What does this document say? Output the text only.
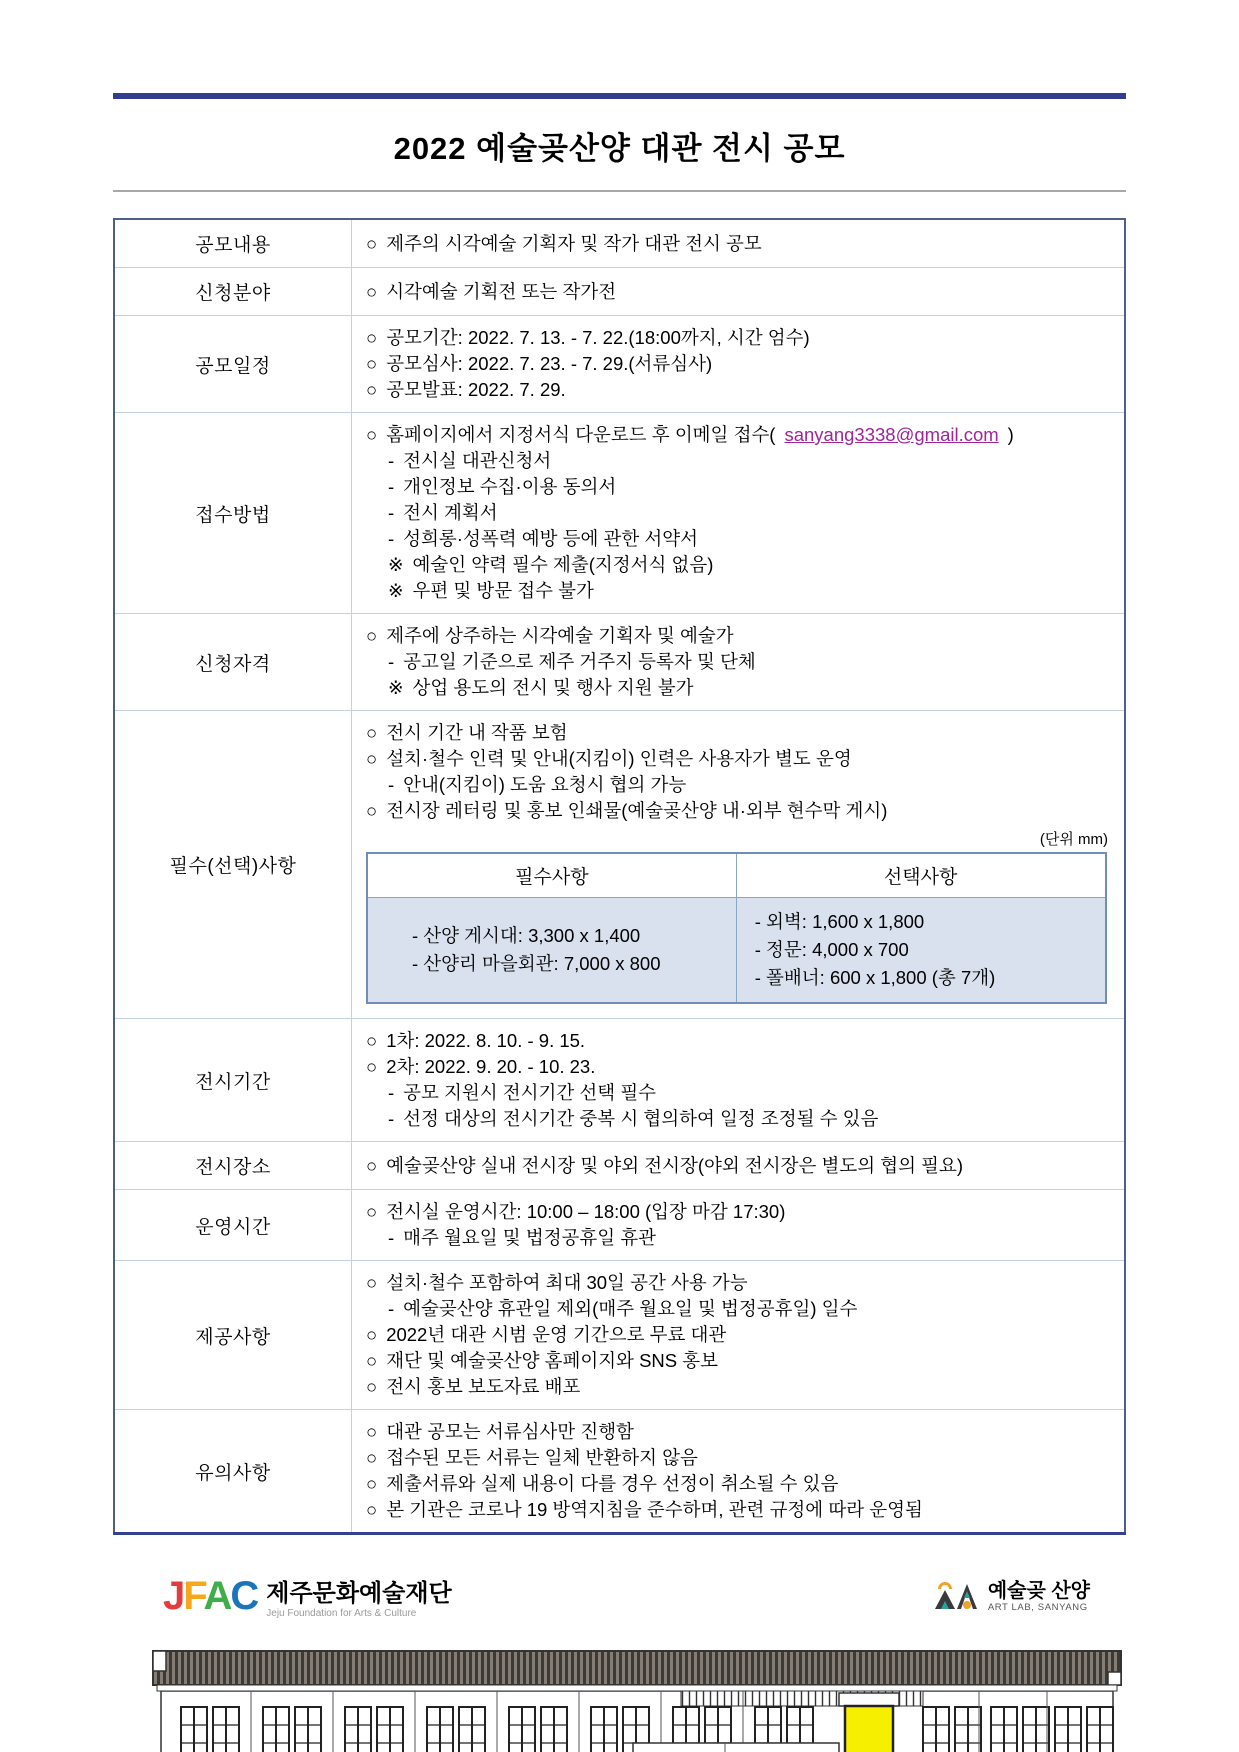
2022 예술곶산양 대관 전시 공모
공모내용	○ 제주의 시각예술 기획자 및 작가 대관 전시 공모

신청분야	○ 시각예술 기획전 또는 작가전

공모일정	
○ 공모기간: 2022. 7. 13. - 7. 22.(18:00까지, 시간 엄수)
○ 공모심사: 2022. 7. 23. - 7. 29.(서류심사)
○ 공모발표: 2022. 7. 29.

접수방법	
○ 홈페이지에서 지정서식 다운로드 후 이메일 접수( sanyang3338@gmail.com )
- 전시실 대관신청서
- 개인정보 수집·이용 동의서
- 전시 계획서
- 성희롱·성폭력 예방 등에 관한 서약서
※ 예술인 약력 필수 제출(지정서식 없음)
※ 우편 및 방문 접수 불가

신청자격	
○ 제주에 상주하는 시각예술 기획자 및 예술가
- 공고일 기준으로 제주 거주지 등록자 및 단체
※ 상업 용도의 전시 및 행사 지원 불가

필수(선택)사항	
○ 전시 기간 내 작품 보험
○ 설치·철수 인력 및 안내(지킴이) 인력은 사용자가 별도 운영
- 안내(지킴이) 도움 요청시 협의 가능
○ 전시장 레터링 및 홍보 인쇄물(예술곶산양 내·외부 현수막 게시)
(단위 mm)
필수사항	선택사항

- 산양 게시대: 3,300 x 1,400
- 산양리 마을회관: 7,000 x 800

- 외벽: 1,600 x 1,800
- 정문: 4,000 x 700
- 폴배너: 600 x 1,800 (총 7개)

전시기간	
○ 1차: 2022. 8. 10. - 9. 15.
○ 2차: 2022. 9. 20. - 10. 23.
- 공모 지원시 전시기간 선택 필수
- 선정 대상의 전시기간 중복 시 협의하여 일정 조정될 수 있음

전시장소	○ 예술곶산양 실내 전시장 및 야외 전시장(야외 전시장은 별도의 협의 필요)

운영시간	
○ 전시실 운영시간: 10:00 – 18:00 (입장 마감 17:30)
- 매주 월요일 및 법정공휴일 휴관

제공사항	
○ 설치·철수 포함하여 최대 30일 공간 사용 가능
- 예술곶산양 휴관일 제외(매주 월요일 및 법정공휴일) 일수
○ 2022년 대관 시범 운영 기간으로 무료 대관
○ 재단 및 예술곶산양 홈페이지와 SNS 홍보
○ 전시 홍보 보도자료 배포

유의사항	
○ 대관 공모는 서류심사만 진행함
○ 접수된 모든 서류는 일체 반환하지 않음
○ 제출서류와 실제 내용이 다를 경우 선정이 취소될 수 있음
○ 본 기관은 코로나 19 방역지침을 준수하며, 관련 규정에 따라 운영됨
JFAC 제주문화예술재단
Jeju Foundation for Arts & Culture
예술곶 산양
ART LAB, SANYANG
